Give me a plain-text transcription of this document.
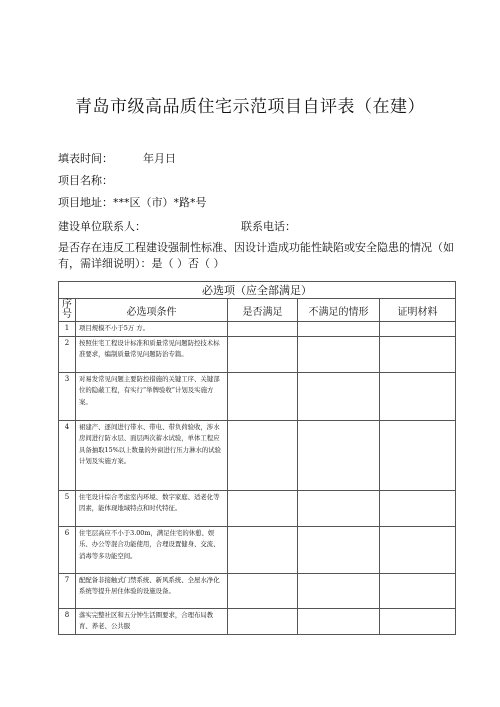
青岛市级高品质住宅示范项目自评表（在建）
填表时间：	年月日
项目名称：
项目地址：***区（市）*路*号
建设单位联系人：	联系电话：
是否存在违反工程建设强制性标准、因设计造成功能性缺陷或安全隐患的情况（如有，需详细说明）：是（ ）否（ ）
必选项（应全部满足）				
序号	必选项条件	是否满足	不满足的情形	证明材料
1	项目规模不小于5万 方。			
2	按照住宅工程设计标准和质量常见问题防控技术标准要求，编制质量常见问题防治专篇。			
3	对易发常见问题主要防控措施的关键工序、关键部位的隐蔽工程，有实行“举牌验收”计划及实施方案。			
4	裙建产、逐间进行带水、带电、带负荷验收，涉水房间进行防水层、面层两次蓄水试验，单体工程应具备抽取15%以上数量的外窗进行压力淋水的试验计划及实施方案。			
5	住宅设计综合考虑室内环境、数字家庭、适老化等因素，能体现地域特点和时代特征。			
6	住宅层高应不小于3.00m，满足住宅的休憩、娱乐、办公等混合功能使用，合理设置健身、交流、消毒等多功能空间。			
7	配配备非接触式门禁系统、新风系统、全屋水净化系统等提升居住体验的设施设备。			
8	落实完整社区和五分钟生活圈要求，合理布局教育、养老、公共服			
